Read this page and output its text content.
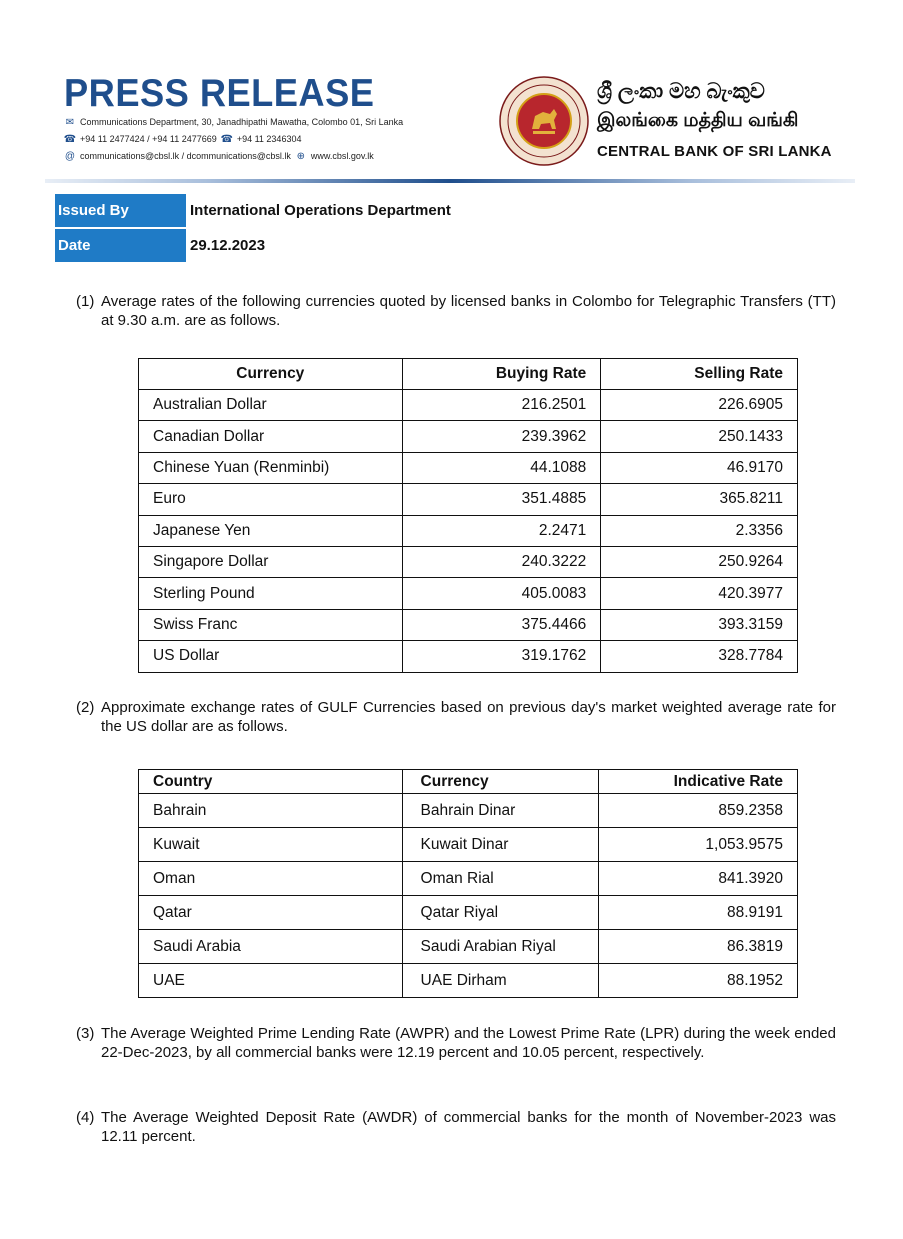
PRESS RELEASE
✉ Communications Department, 30, Janadhipathi Mawatha, Colombo 01, Sri Lanka
☎ +94 11 2477424 / +94 11 2477669 ☎ +94 11 2346304
@ communications@cbsl.lk / dcommunications@cbsl.lk ⊕ www.cbsl.gov.lk
ශ්‍රී ලංකා මහ බැංකුව
இலங்கை மத்திய வங்கி
CENTRAL BANK OF SRI LANKA
Issued By	International Operations Department
Date	29.12.2023
(1) Average rates of the following currencies quoted by licensed banks in Colombo for Telegraphic Transfers (TT) at 9.30 a.m. are as follows.
Currency	Buying Rate	Selling Rate
Australian Dollar	216.2501	226.6905
Canadian Dollar	239.3962	250.1433
Chinese Yuan (Renminbi)	44.1088	46.9170
Euro	351.4885	365.8211
Japanese Yen	2.2471	2.3356
Singapore Dollar	240.3222	250.9264
Sterling Pound	405.0083	420.3977
Swiss Franc	375.4466	393.3159
US Dollar	319.1762	328.7784
(2) Approximate exchange rates of GULF Currencies based on previous day's market weighted average rate for the US dollar are as follows.
Country	Currency	Indicative Rate
Bahrain	Bahrain Dinar	859.2358
Kuwait	Kuwait Dinar	1,053.9575
Oman	Oman Rial	841.3920
Qatar	Qatar Riyal	88.9191
Saudi Arabia	Saudi Arabian Riyal	86.3819
UAE	UAE Dirham	88.1952
(3) The Average Weighted Prime Lending Rate (AWPR) and the Lowest Prime Rate (LPR) during the week ended 22-Dec-2023, by all commercial banks were 12.19 percent and 10.05 percent, respectively.
(4) The Average Weighted Deposit Rate (AWDR) of commercial banks for the month of November-2023 was 12.11 percent.
